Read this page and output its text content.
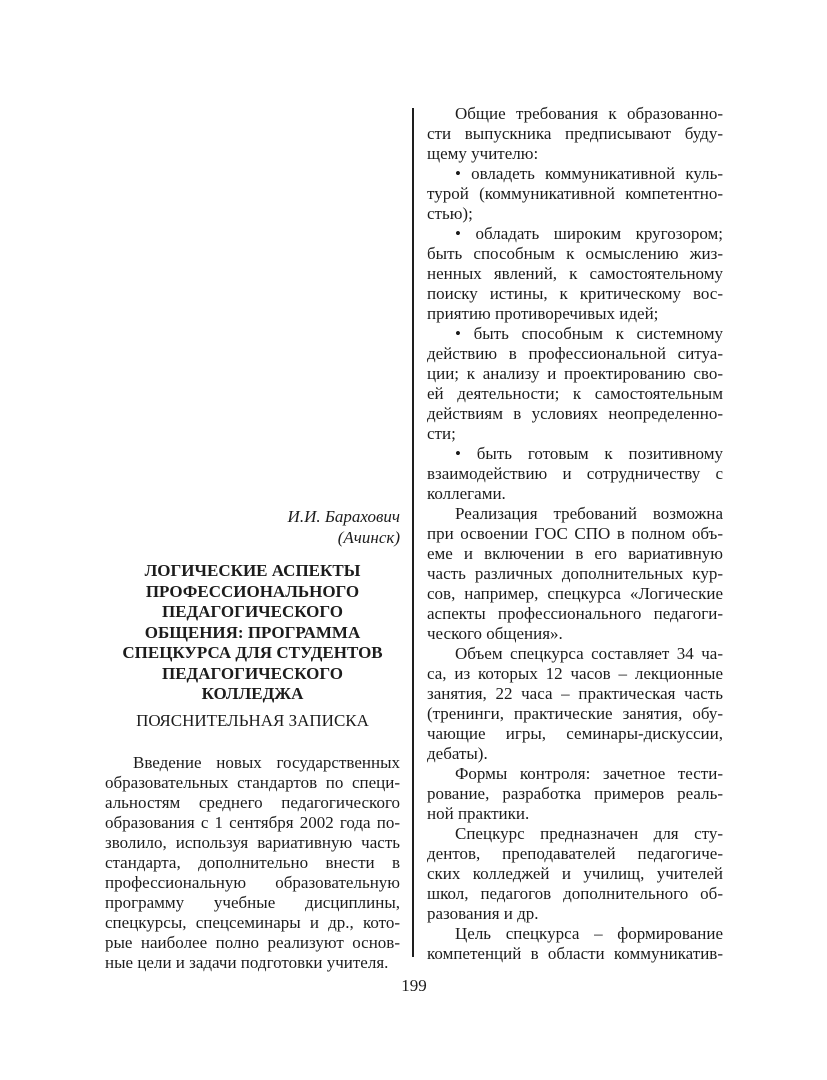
И.И. Барахович
(Ачинск)
ЛОГИЧЕСКИЕ АСПЕКТЫ
ПРОФЕССИОНАЛЬНОГО
ПЕДАГОГИЧЕСКОГО
ОБЩЕНИЯ: ПРОГРАММА
СПЕЦКУРСА ДЛЯ СТУДЕНТОВ
ПЕДАГОГИЧЕСКОГО
КОЛЛЕДЖА
ПОЯСНИТЕЛЬНАЯ ЗАПИСКА
Введение новых государственных
образовательных стандартов по специ-
альностям среднего педагогического
образования с 1 сентября 2002 года по-
зволило, используя вариативную часть
стандарта, дополнительно внести в
профессиональную образовательную
программу учебные дисциплины,
спецкурсы, спецсеминары и др., кото-
рые наиболее полно реализуют основ-
ные цели и задачи подготовки учителя.
Общие требования к образованно-
сти выпускника предписывают буду-
щему учителю:
• овладеть коммуникативной куль-
турой (коммуникативной компетентно-
стью);
• обладать широким кругозором;
быть способным к осмыслению жиз-
ненных явлений, к самостоятельному
поиску истины, к критическому вос-
приятию противоречивых идей;
• быть способным к системному
действию в профессиональной ситуа-
ции; к анализу и проектированию сво-
ей деятельности; к самостоятельным
действиям в условиях неопределенно-
сти;
• быть готовым к позитивному
взаимодействию и сотрудничеству с
коллегами.
Реализация требований возможна
при освоении ГОС СПО в полном объ-
еме и включении в его вариативную
часть различных дополнительных кур-
сов, например, спецкурса «Логические
аспекты профессионального педагоги-
ческого общения».
Объем спецкурса составляет 34 ча-
са, из которых 12 часов – лекционные
занятия, 22 часа – практическая часть
(тренинги, практические занятия, обу-
чающие игры, семинары-дискуссии,
дебаты).
Формы контроля: зачетное тести-
рование, разработка примеров реаль-
ной практики.
Спецкурс предназначен для сту-
дентов, преподавателей педагогиче-
ских колледжей и училищ, учителей
школ, педагогов дополнительного об-
разования и др.
Цель спецкурса – формирование
компетенций в области коммуникатив-
199
